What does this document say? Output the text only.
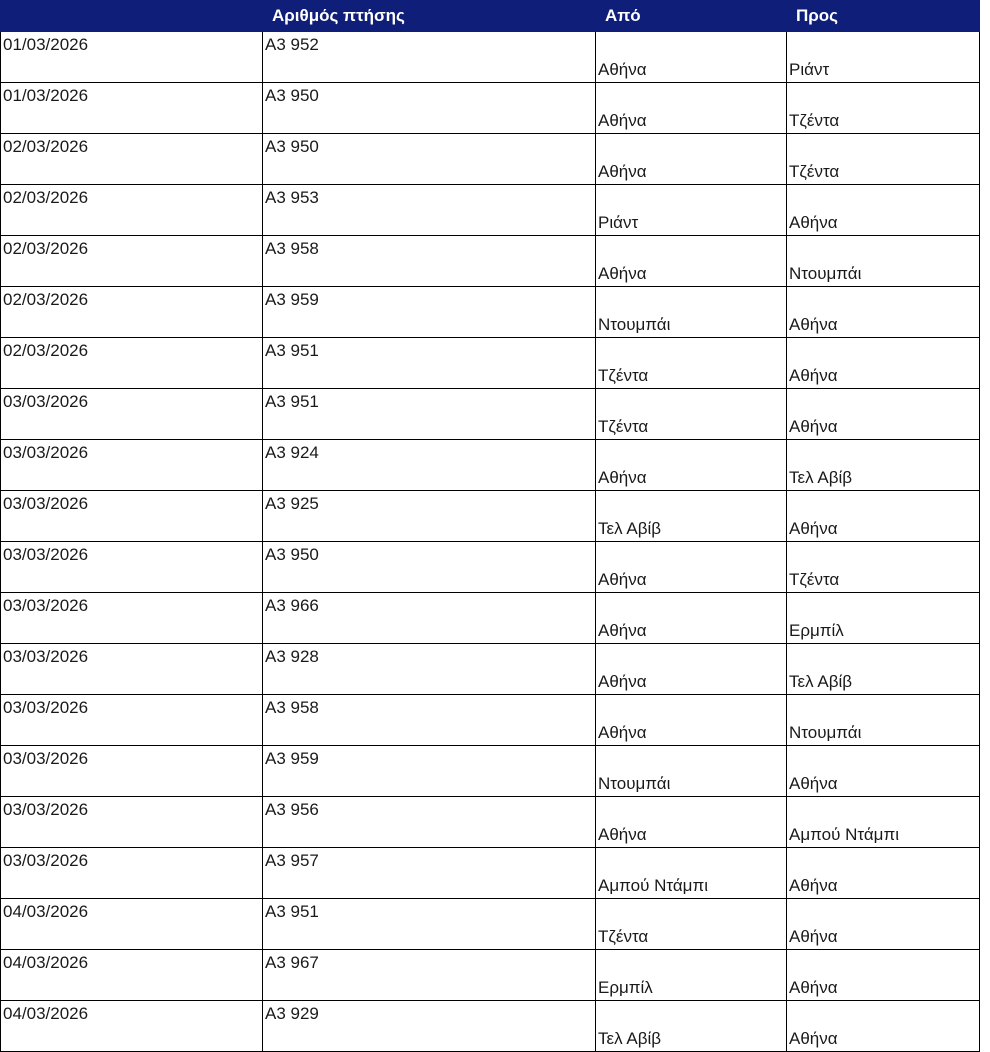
	Αριθμός πτήσης	Από	Προς
01/03/2026	A3 952	Αθήνα	Ριάντ
01/03/2026	A3 950	Αθήνα	Τζέντα
02/03/2026	A3 950	Αθήνα	Τζέντα
02/03/2026	A3 953	Ριάντ	Αθήνα
02/03/2026	A3 958	Αθήνα	Ντουμπάι
02/03/2026	A3 959	Ντουμπάι	Αθήνα
02/03/2026	A3 951	Τζέντα	Αθήνα
03/03/2026	A3 951	Τζέντα	Αθήνα
03/03/2026	A3 924	Αθήνα	Τελ Αβίβ
03/03/2026	A3 925	Τελ Αβίβ	Αθήνα
03/03/2026	A3 950	Αθήνα	Τζέντα
03/03/2026	A3 966	Αθήνα	Ερμπίλ
03/03/2026	A3 928	Αθήνα	Τελ Αβίβ
03/03/2026	A3 958	Αθήνα	Ντουμπάι
03/03/2026	A3 959	Ντουμπάι	Αθήνα
03/03/2026	A3 956	Αθήνα	Αμπού Ντάμπι
03/03/2026	A3 957	Αμπού Ντάμπι	Αθήνα
04/03/2026	A3 951	Τζέντα	Αθήνα
04/03/2026	A3 967	Ερμπίλ	Αθήνα
04/03/2026	A3 929	Τελ Αβίβ	Αθήνα
